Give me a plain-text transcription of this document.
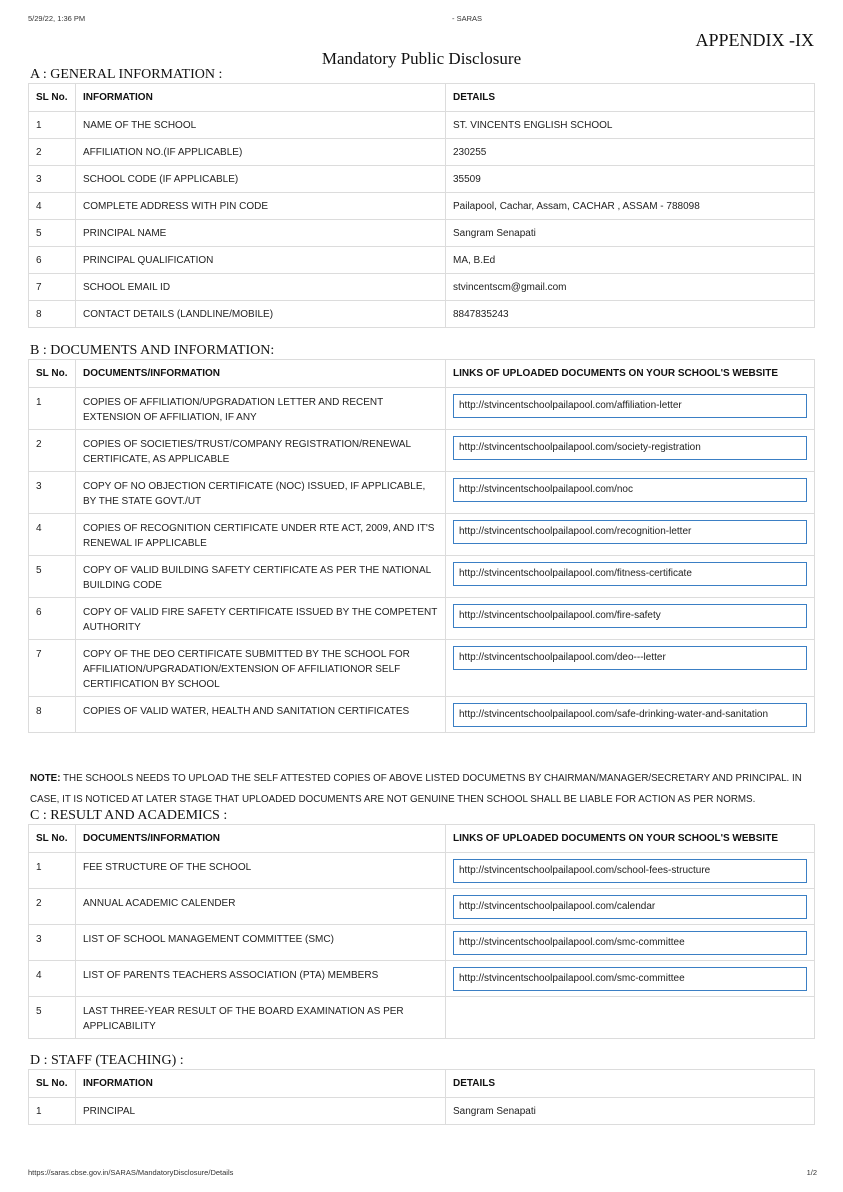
5/29/22, 1:36 PM	- SARAS
APPENDIX -IX
Mandatory Public Disclosure
A : GENERAL INFORMATION :
SL No.	INFORMATION	DETAILS
1	NAME OF THE SCHOOL	ST. VINCENTS ENGLISH SCHOOL
2	AFFILIATION NO.(IF APPLICABLE)	230255
3	SCHOOL CODE (IF APPLICABLE)	35509
4	COMPLETE ADDRESS WITH PIN CODE	Pailapool, Cachar, Assam, CACHAR , ASSAM - 788098
5	PRINCIPAL NAME	Sangram Senapati
6	PRINCIPAL QUALIFICATION	MA, B.Ed
7	SCHOOL EMAIL ID	stvincentscm@gmail.com
8	CONTACT DETAILS (LANDLINE/MOBILE)	8847835243
B : DOCUMENTS AND INFORMATION:
SL No.	DOCUMENTS/INFORMATION	LINKS OF UPLOADED DOCUMENTS ON YOUR SCHOOL'S WEBSITE
1	COPIES OF AFFILIATION/UPGRADATION LETTER AND RECENT EXTENSION OF AFFILIATION, IF ANY	http://stvincentschoolpailapool.com/affiliation-letter

2	COPIES OF SOCIETIES/TRUST/COMPANY REGISTRATION/RENEWAL CERTIFICATE, AS APPLICABLE	http://stvincentschoolpailapool.com/society-registration

3	COPY OF NO OBJECTION CERTIFICATE (NOC) ISSUED, IF APPLICABLE, BY THE STATE GOVT./UT	http://stvincentschoolpailapool.com/noc

4	COPIES OF RECOGNITION CERTIFICATE UNDER RTE ACT, 2009, AND IT'S RENEWAL IF APPLICABLE	http://stvincentschoolpailapool.com/recognition-letter

5	COPY OF VALID BUILDING SAFETY CERTIFICATE AS PER THE NATIONAL BUILDING CODE	http://stvincentschoolpailapool.com/fitness-certificate

6	COPY OF VALID FIRE SAFETY CERTIFICATE ISSUED BY THE COMPETENT AUTHORITY	http://stvincentschoolpailapool.com/fire-safety

7	COPY OF THE DEO CERTIFICATE SUBMITTED BY THE SCHOOL FOR AFFILIATION/UPGRADATION/EXTENSION OF AFFILIATIONOR SELF CERTIFICATION BY SCHOOL	http://stvincentschoolpailapool.com/deo---letter

8	COPIES OF VALID WATER, HEALTH AND SANITATION CERTIFICATES	http://stvincentschoolpailapool.com/safe-drinking-water-and-sanitation
NOTE: THE SCHOOLS NEEDS TO UPLOAD THE SELF ATTESTED COPIES OF ABOVE LISTED DOCUMETNS BY CHAIRMAN/MANAGER/SECRETARY AND PRINCIPAL. IN CASE, IT IS NOTICED AT LATER STAGE THAT UPLOADED DOCUMENTS ARE NOT GENUINE THEN SCHOOL SHALL BE LIABLE FOR ACTION AS PER NORMS.
C : RESULT AND ACADEMICS :
SL No.	DOCUMENTS/INFORMATION	LINKS OF UPLOADED DOCUMENTS ON YOUR SCHOOL'S WEBSITE
1	FEE STRUCTURE OF THE SCHOOL	http://stvincentschoolpailapool.com/school-fees-structure

2	ANNUAL ACADEMIC CALENDER	http://stvincentschoolpailapool.com/calendar

3	LIST OF SCHOOL MANAGEMENT COMMITTEE (SMC)	http://stvincentschoolpailapool.com/smc-committee

4	LIST OF PARENTS TEACHERS ASSOCIATION (PTA) MEMBERS	http://stvincentschoolpailapool.com/smc-committee

5	LAST THREE-YEAR RESULT OF THE BOARD EXAMINATION AS PER APPLICABILITY	
D : STAFF (TEACHING) :
SL No.	INFORMATION	DETAILS
1	PRINCIPAL	Sangram Senapati
https://saras.cbse.gov.in/SARAS/MandatoryDisclosure/Details	1/2
